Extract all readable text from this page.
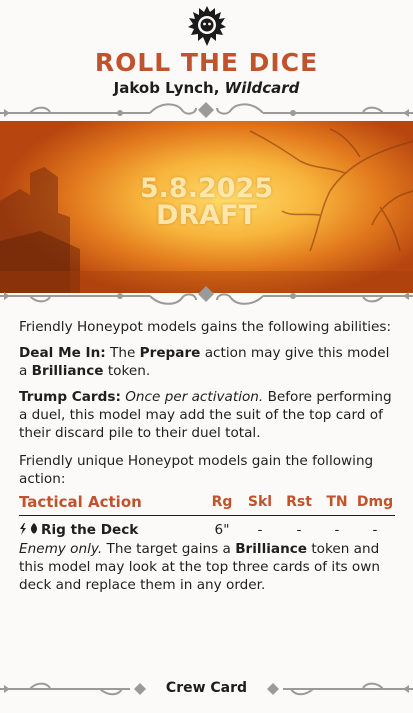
ROLL THE DICE
Jakob Lynch, Wildcard
5.8.2025
DRAFT

Friendly Honeypot models gains the following abilities:

Deal Me In: The Prepare action may give this model a Brilliance token.

Trump Cards: Once per activation. Before performing a duel, this model may add the suit of the top card of their discard pile to their duel total.

Friendly unique Honeypot models gain the following action:

Tactical Action	Rg	Skl	Rst	TN	Dmg
Rig the Deck	6"	-	-	-	-
Enemy only. The target gains a Brilliance token and this model may look at the top three cards of its own deck and replace them in any order.
Crew Card
